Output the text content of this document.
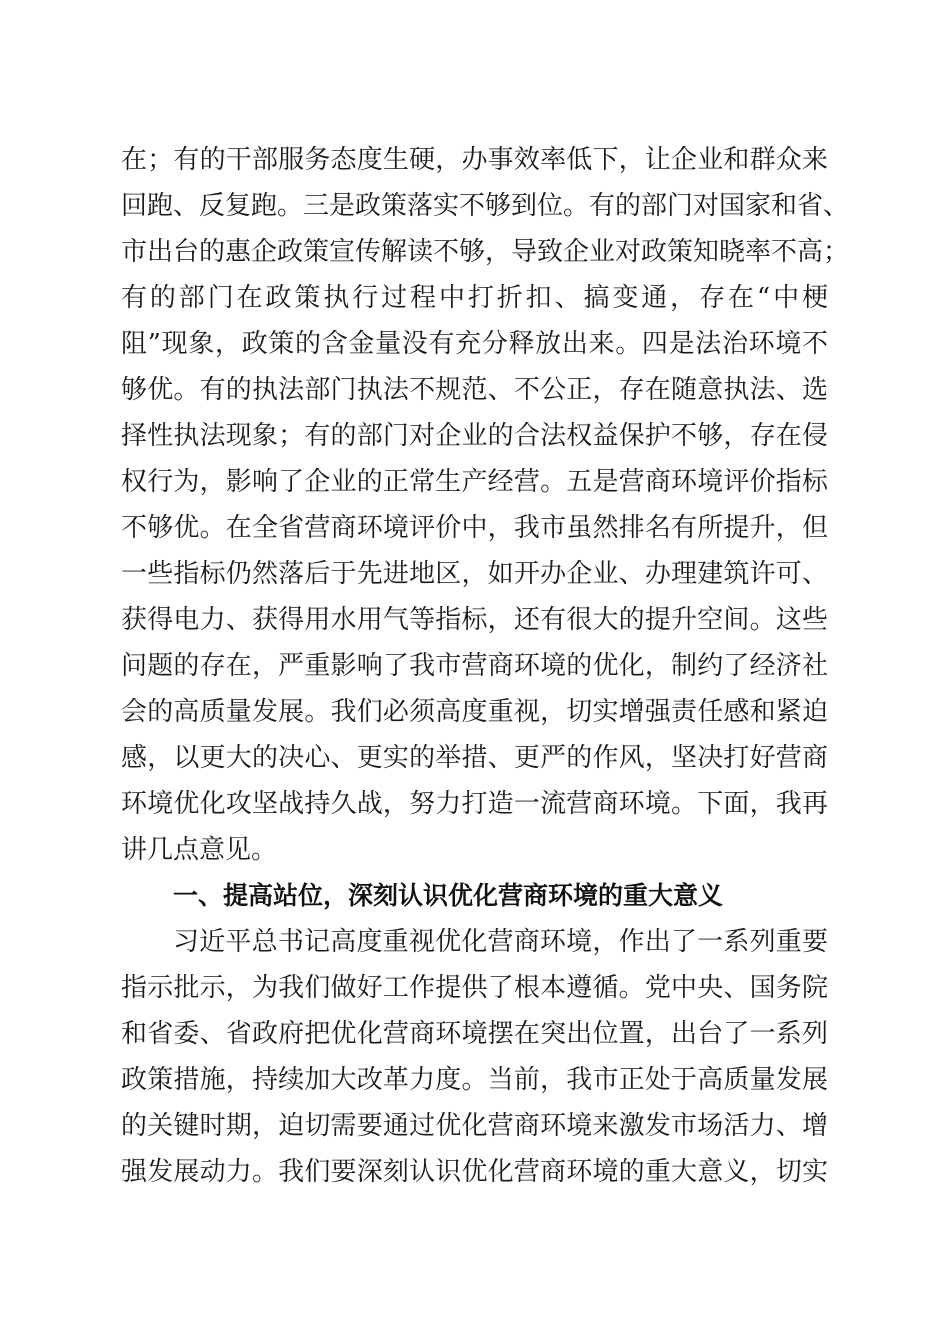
在；有的干部服务态度生硬，办事效率低下，让企业和群众来
回跑、反复跑。三是政策落实不够到位。有的部门对国家和省、
市出台的惠企政策宣传解读不够，导致企业对政策知晓率不高；
有的部门在政策执行过程中打折扣、搞变通，存在“中梗
阻”现象，政策的含金量没有充分释放出来。四是法治环境不
够优。有的执法部门执法不规范、不公正，存在随意执法、选
择性执法现象；有的部门对企业的合法权益保护不够，存在侵
权行为，影响了企业的正常生产经营。五是营商环境评价指标
不够优。在全省营商环境评价中，我市虽然排名有所提升，但
一些指标仍然落后于先进地区，如开办企业、办理建筑许可、
获得电力、获得用水用气等指标，还有很大的提升空间。这些
问题的存在，严重影响了我市营商环境的优化，制约了经济社
会的高质量发展。我们必须高度重视，切实增强责任感和紧迫
感，以更大的决心、更实的举措、更严的作风，坚决打好营商
环境优化攻坚战持久战，努力打造一流营商环境。下面，我再
讲几点意见。
一、提高站位，深刻认识优化营商环境的重大意义
习近平总书记高度重视优化营商环境，作出了一系列重要
指示批示，为我们做好工作提供了根本遵循。党中央、国务院
和省委、省政府把优化营商环境摆在突出位置，出台了一系列
政策措施，持续加大改革力度。当前，我市正处于高质量发展
的关键时期，迫切需要通过优化营商环境来激发市场活力、增
强发展动力。我们要深刻认识优化营商环境的重大意义，切实
